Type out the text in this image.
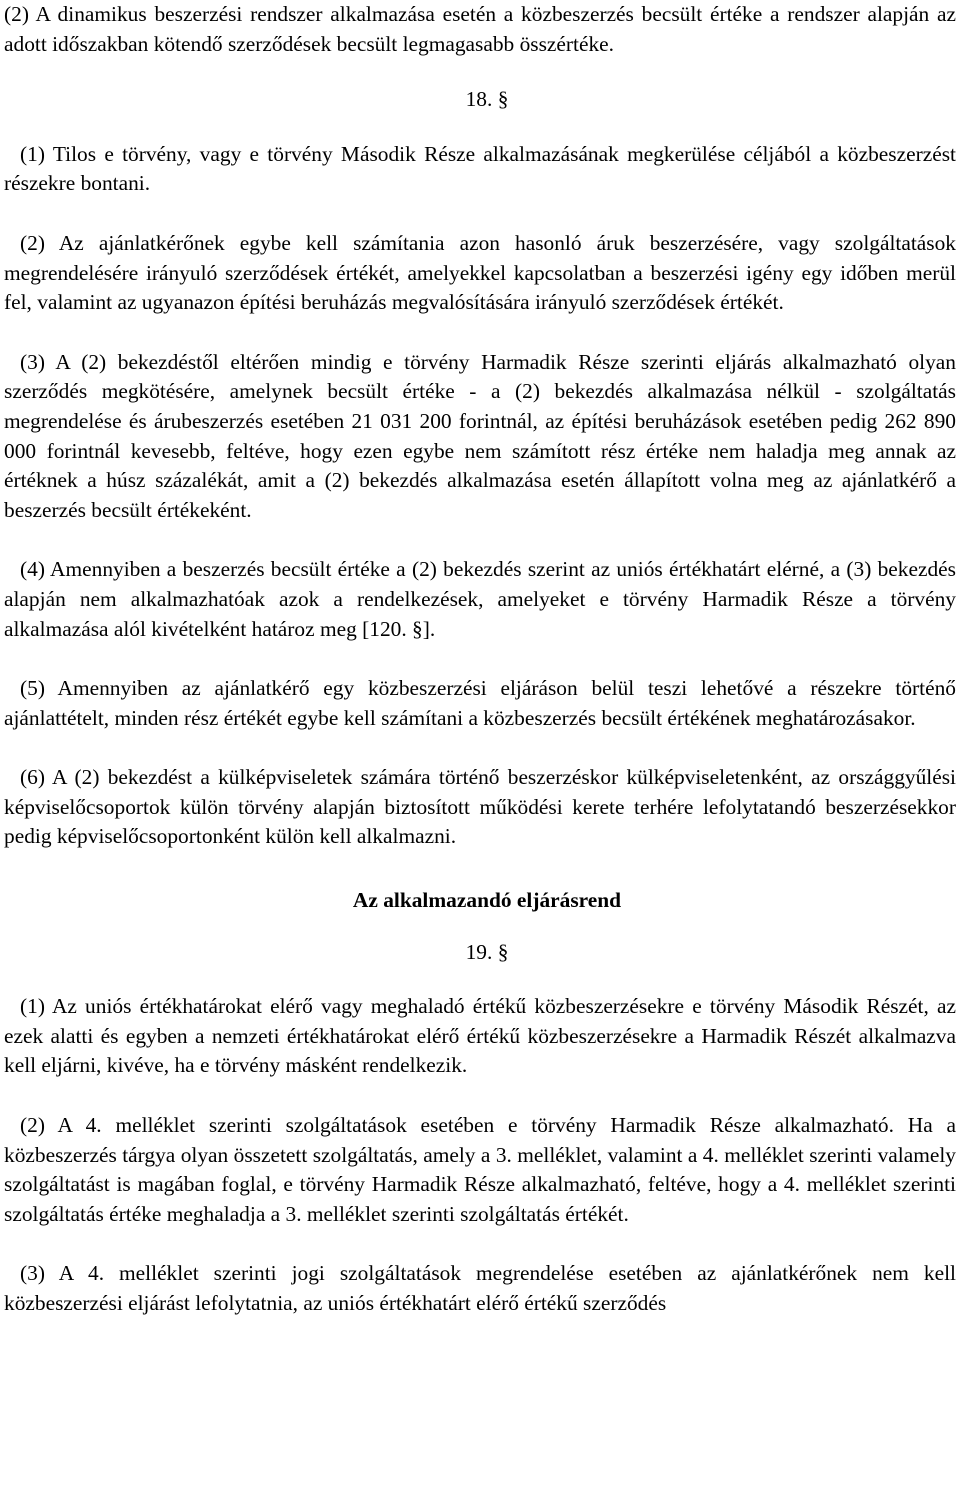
(2) A dinamikus beszerzési rendszer alkalmazása esetén a közbeszerzés becsült értéke a rendszer alapján az adott időszakban kötendő szerződések becsült legmagasabb összértéke.

18. §

(1) Tilos e törvény, vagy e törvény Második Része alkalmazásának megkerülése céljából a közbeszerzést részekre bontani.

(2) Az ajánlatkérőnek egybe kell számítania azon hasonló áruk beszerzésére, vagy szolgáltatások megrendelésére irányuló szerződések értékét, amelyekkel kapcsolatban a beszerzési igény egy időben merül fel, valamint az ugyanazon építési beruházás megvalósítására irányuló szerződések értékét.

(3) A (2) bekezdéstől eltérően mindig e törvény Harmadik Része szerinti eljárás alkalmazható olyan szerződés megkötésére, amelynek becsült értéke - a (2) bekezdés alkalmazása nélkül - szolgáltatás megrendelése és árubeszerzés esetében 21 031 200 forintnál, az építési beruházások esetében pedig 262 890 000 forintnál kevesebb, feltéve, hogy ezen egybe nem számított rész értéke nem haladja meg annak az értéknek a húsz százalékát, amit a (2) bekezdés alkalmazása esetén állapított volna meg az ajánlatkérő a beszerzés becsült értékeként.

(4) Amennyiben a beszerzés becsült értéke a (2) bekezdés szerint az uniós értékhatárt elérné, a (3) bekezdés alapján nem alkalmazhatóak azok a rendelkezések, amelyeket e törvény Harmadik Része a törvény alkalmazása alól kivételként határoz meg [120. §].

(5) Amennyiben az ajánlatkérő egy közbeszerzési eljáráson belül teszi lehetővé a részekre történő ajánlattételt, minden rész értékét egybe kell számítani a közbeszerzés becsült értékének meghatározásakor.

(6) A (2) bekezdést a külképviseletek számára történő beszerzéskor külképviseletenként, az országgyűlési képviselőcsoportok külön törvény alapján biztosított működési kerete terhére lefolytatandó beszerzésekkor pedig képviselőcsoportonként külön kell alkalmazni.

Az alkalmazandó eljárásrend

19. §

(1) Az uniós értékhatárokat elérő vagy meghaladó értékű közbeszerzésekre e törvény Második Részét, az ezek alatti és egyben a nemzeti értékhatárokat elérő értékű közbeszerzésekre a Harmadik Részét alkalmazva kell eljárni, kivéve, ha e törvény másként rendelkezik.

(2) A 4. melléklet szerinti szolgáltatások esetében e törvény Harmadik Része alkalmazható. Ha a közbeszerzés tárgya olyan összetett szolgáltatás, amely a 3. melléklet, valamint a 4. melléklet szerinti valamely szolgáltatást is magában foglal, e törvény Harmadik Része alkalmazható, feltéve, hogy a 4. melléklet szerinti szolgáltatás értéke meghaladja a 3. melléklet szerinti szolgáltatás értékét.

(3) A 4. melléklet szerinti jogi szolgáltatások megrendelése esetében az ajánlatkérőnek nem kell közbeszerzési eljárást lefolytatnia, az uniós értékhatárt elérő értékű szerződés
